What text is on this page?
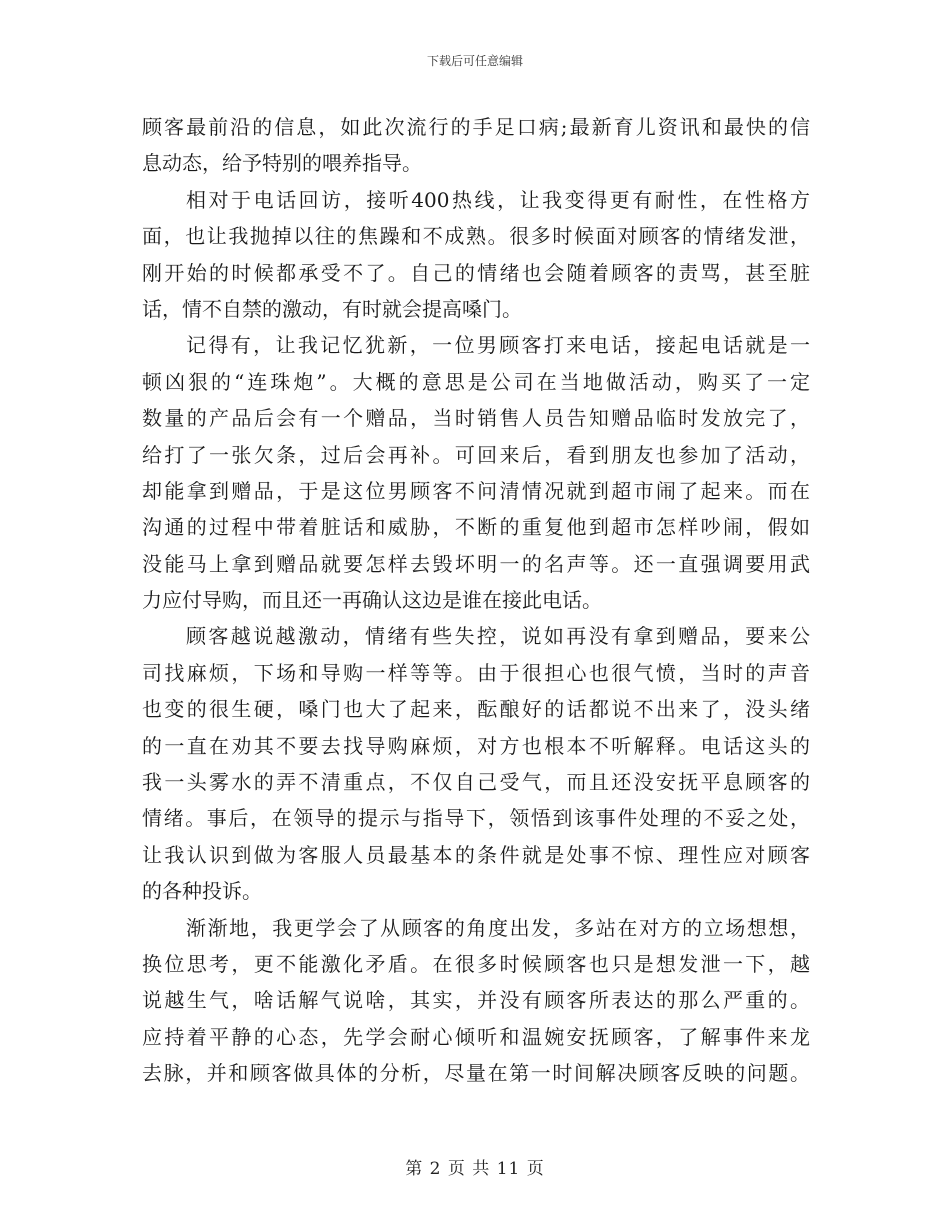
下载后可任意编辑
顾客最前沿的信息，如此次流行的手足口病;最新育儿资讯和最快的信
息动态，给予特别的喂养指导。
相对于电话回访，接听400热线，让我变得更有耐性，在性格方
面，也让我抛掉以往的焦躁和不成熟。很多时候面对顾客的情绪发泄，
刚开始的时候都承受不了。自己的情绪也会随着顾客的责骂，甚至脏
话，情不自禁的激动，有时就会提高嗓门。
记得有，让我记忆犹新，一位男顾客打来电话，接起电话就是一
顿凶狠的“连珠炮”。大概的意思是公司在当地做活动，购买了一定
数量的产品后会有一个赠品，当时销售人员告知赠品临时发放完了，
给打了一张欠条，过后会再补。可回来后，看到朋友也参加了活动，
却能拿到赠品，于是这位男顾客不问清情况就到超市闹了起来。而在
沟通的过程中带着脏话和威胁，不断的重复他到超市怎样吵闹，假如
没能马上拿到赠品就要怎样去毁坏明一的名声等。还一直强调要用武
力应付导购，而且还一再确认这边是谁在接此电话。
顾客越说越激动，情绪有些失控，说如再没有拿到赠品，要来公
司找麻烦，下场和导购一样等等。由于很担心也很气愤，当时的声音
也变的很生硬，嗓门也大了起来，酝酿好的话都说不出来了，没头绪
的一直在劝其不要去找导购麻烦，对方也根本不听解释。电话这头的
我一头雾水的弄不清重点，不仅自己受气，而且还没安抚平息顾客的
情绪。事后，在领导的提示与指导下，领悟到该事件处理的不妥之处，
让我认识到做为客服人员最基本的条件就是处事不惊、理性应对顾客
的各种投诉。
渐渐地，我更学会了从顾客的角度出发，多站在对方的立场想想，
换位思考，更不能激化矛盾。在很多时候顾客也只是想发泄一下，越
说越生气，啥话解气说啥，其实，并没有顾客所表达的那么严重的。
应持着平静的心态，先学会耐心倾听和温婉安抚顾客，了解事件来龙
去脉，并和顾客做具体的分析，尽量在第一时间解决顾客反映的问题。
第 2 页 共 11 页
